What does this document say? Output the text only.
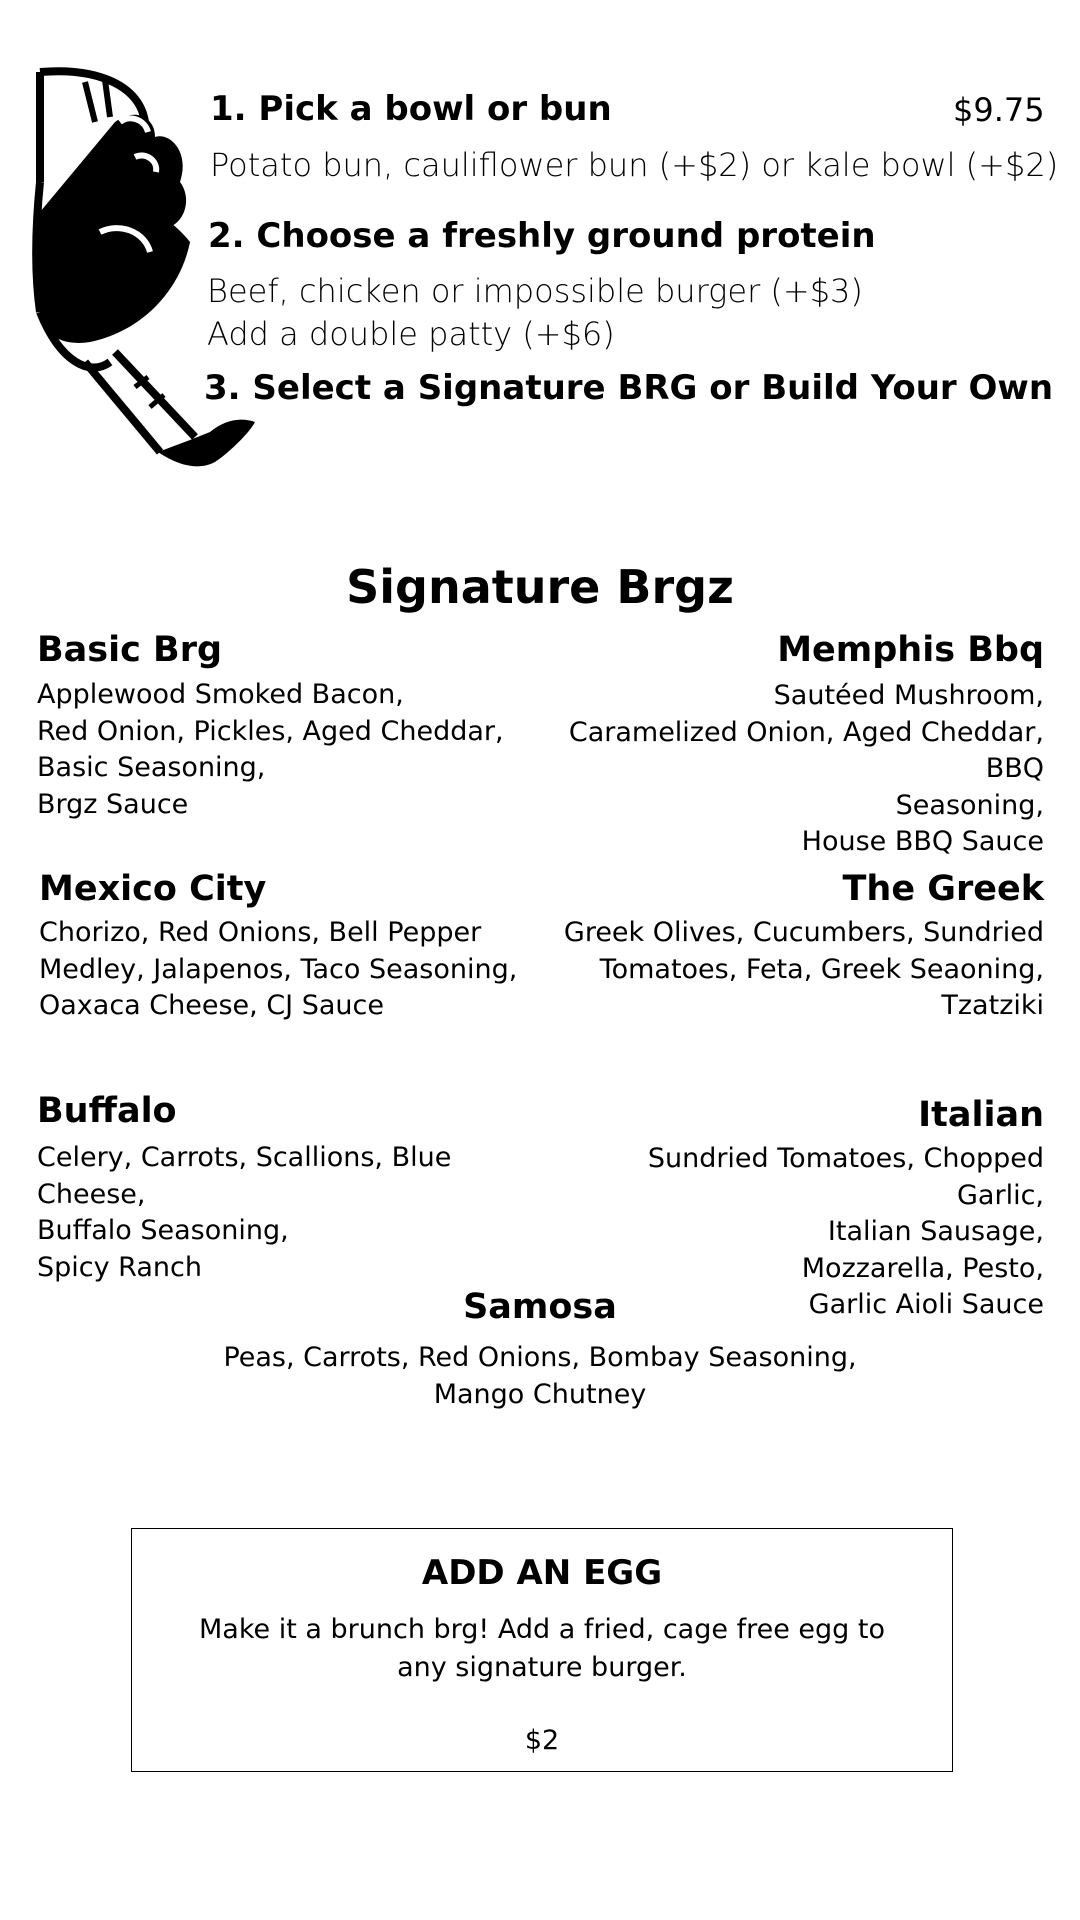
1. Pick a bowl or bun	$9.75
Potato bun, cauliflower bun (+$2) or kale bowl (+$2)
2. Choose a freshly ground protein
Beef, chicken or impossible burger (+$3)
Add a double patty (+$6)
3. Select a Signature BRG or Build Your Own
Signature Brgz
Basic Brg
Applewood Smoked Bacon,
Red Onion, Pickles, Aged Cheddar,
Basic Seasoning,
Brgz Sauce
Memphis Bbq
Sautéed Mushroom,
Caramelized Onion, Aged Cheddar, BBQ
Seasoning,
House BBQ Sauce
Mexico City
Chorizo, Red Onions, Bell Pepper
Medley, Jalapenos, Taco Seasoning,
Oaxaca Cheese, CJ Sauce
The Greek
Greek Olives, Cucumbers, Sundried
Tomatoes, Feta, Greek Seaoning,
Tzatziki
Buffalo
Celery, Carrots, Scallions, Blue Cheese,
Buffalo Seasoning,
Spicy Ranch
Italian
Sundried Tomatoes, Chopped Garlic,
Italian Sausage,
Mozzarella, Pesto,
Garlic Aioli Sauce
Samosa
Peas, Carrots, Red Onions, Bombay Seasoning,
Mango Chutney
ADD AN EGG
Make it a brunch brg! Add a fried, cage free egg to
any signature burger.
$2
